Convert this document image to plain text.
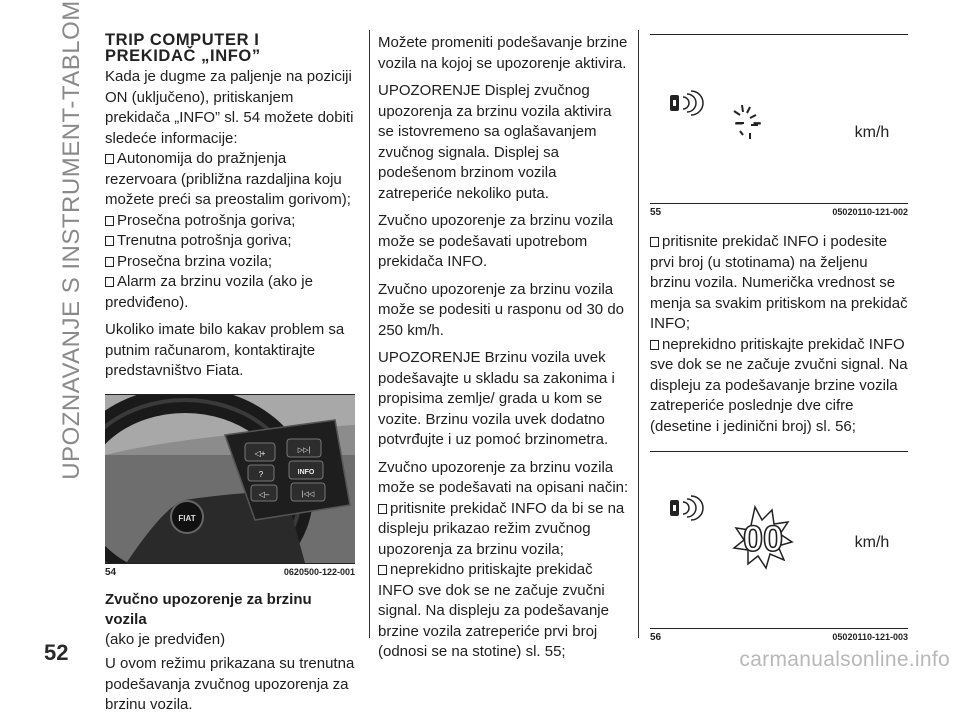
UPOZNAVANJE S INSTRUMENT-TABLOM TRIP COMPUTER I
PREKIDAČ „INFO”

Kada je dugme za paljenje na poziciji ON (uključeno), pritiskanjem prekidača „INFO” sl. 54 možete dobiti sledeće informacije:

Autonomija do pražnjenja rezervoara (približna razdaljina koju možete preći sa preostalim gorivom);
Prosečna potrošnja goriva;
Trenutna potrošnja goriva;
Prosečna brzina vozila;
Alarm za brzinu vozila (ako je predviđeno).

Ukoliko imate bilo kakav problem sa putnim računarom, kontaktirajte predstavništvo Fiata.

FIAT
◁+	▷▷|
?	INFO
◁–	|◁◁
54	0620500-122-001
Zvučno upozorenje za brzinu vozila

(ako je predviđen)

U ovom režimu prikazana su trenutna podešavanja zvučnog upozorenja za brzinu vozila.

Možete promeniti podešavanje brzine vozila na kojoj se upozorenje aktivira.

UPOZORENJE Displej zvučnog upozorenja za brzinu vozila aktivira se istovremeno sa oglašavanjem zvučnog signala. Displej sa podešenom brzinom vozila zatreperiće nekoliko puta.

Zvučno upozorenje za brzinu vozila može se podešavati upotrebom prekidača INFO.

Zvučno upozorenje za brzinu vozila može se podesiti u rasponu od 30 do 250 km/h.

UPOZORENJE Brzinu vozila uvek podešavajte u skladu sa zakonima i propisima zemlje/ grada u kom se vozite. Brzinu vozila uvek dodatno potvrđujte i uz pomoć brzinometra.

Zvučno upozorenje za brzinu vozila može se podešavati na opisani način:

pritisnite prekidač INFO da bi se na displeju prikazao režim zvučnog upozorenja za brzinu vozila;
neprekidno pritiskajte prekidač INFO sve dok se ne začuje zvučni signal. Na displeju za podešavanje brzine vozila zatreperiće prvi broj (odnosi se na stotine) sl. 55;
- -	km/h
55	05020110-121-002
pritisnite prekidač INFO i podesite prvi broj (u stotinama) na željenu brzinu vozila. Numerička vrednost se menja sa svakim pritiskom na prekidač INFO;
neprekidno pritiskajte prekidač INFO sve dok se ne začuje zvučni signal. Na displeju za podešavanje brzine vozila zatreperiće poslednje dve cifre (desetine i jedinični broj) sl. 56;
00	km/h
56	05020110-121-003
52	carmanualsonline.info
